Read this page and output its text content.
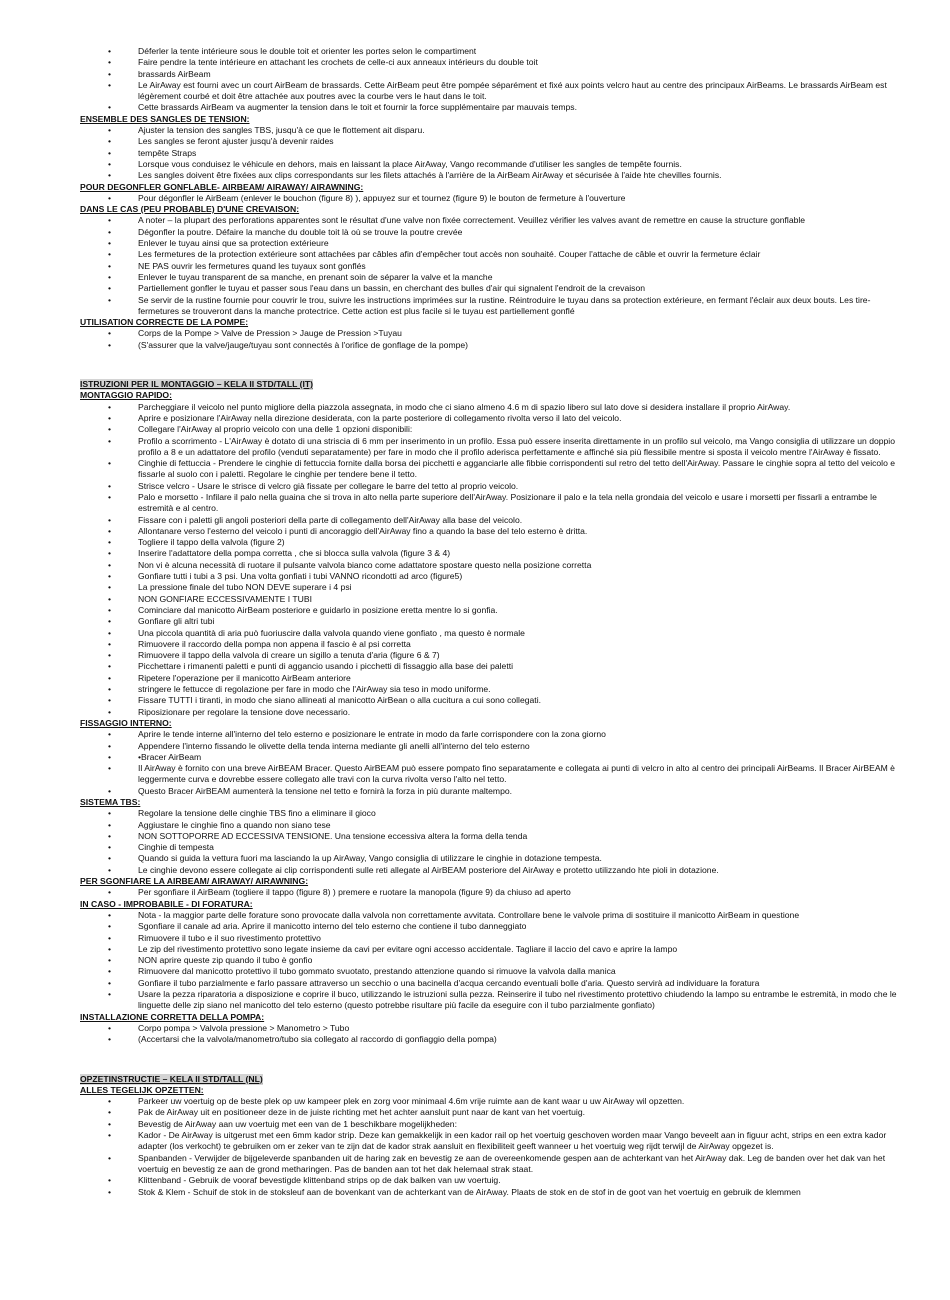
• Déferler la tente intérieure sous le double toit et orienter les portes selon le compartiment
• Faire pendre la tente intérieure en attachant les crochets de celle-ci aux anneaux intérieurs du double toit
• brassards AirBeam
• Le AirAway est fourni avec un court AirBeam de brassards. Cette AirBeam peut être pompée séparément et fixé aux points velcro haut au centre des principaux AirBeams. Le brassards AirBeam est légèrement courbé et doit être attachée aux poutres avec la courbe vers le haut dans le toit.
• Cette brassards AirBeam va augmenter la tension dans le toit et fournir la force supplémentaire par mauvais temps.
ENSEMBLE DES SANGLES DE TENSION:
• Ajuster la tension des sangles TBS, jusqu'à ce que le flottement ait disparu.
• Les sangles se feront ajuster jusqu'à devenir raides
• tempête Straps
• Lorsque vous conduisez le véhicule en dehors, mais en laissant la place AirAway, Vango recommande d'utiliser les sangles de tempête fournis.
• Les sangles doivent être fixées aux clips correspondants sur les filets attachés à l'arrière de la AirBeam AirAway et sécurisée à l'aide hte chevilles fournis.
POUR DEGONFLER GONFLABLE- AIRBEAM/ AIRAWAY/ AIRAWNING:
• Pour dégonfler le AirBeam (enlever le bouchon (figure 8) ), appuyez sur et tournez (figure 9) le bouton de fermeture à l'ouverture
DANS LE CAS (PEU PROBABLE) D'UNE CREVAISON:
• A noter – la plupart des perforations apparentes sont le résultat d'une valve non fixée correctement. Veuillez vérifier les valves avant de remettre en cause la structure gonflable
• Dégonfler la poutre. Défaire la manche du double toit là où se trouve la poutre crevée
• Enlever le tuyau ainsi que sa protection extérieure
• Les fermetures de la protection extérieure sont attachées par câbles afin d'empêcher tout accès non souhaité. Couper l'attache de câble et ouvrir la fermeture éclair
• NE PAS ouvrir les fermetures quand les tuyaux sont gonflés
• Enlever le tuyau transparent de sa manche, en prenant soin de séparer la valve et la manche
• Partiellement gonfler le tuyau et passer sous l'eau dans un bassin, en cherchant des bulles d'air qui signalent l'endroit de la crevaison
• Se servir de la rustine fournie pour couvrir le trou, suivre les instructions imprimées sur la rustine. Réintroduire le tuyau dans sa protection extérieure, en fermant l'éclair aux deux bouts. Les tire-fermetures se trouveront dans la manche protectrice. Cette action est plus facile si le tuyau est partiellement gonflé
UTILISATION CORRECTE DE LA POMPE:
• Corps de la Pompe > Valve de Pression > Jauge de Pression >Tuyau
• (S'assurer que la valve/jauge/tuyau sont connectés à l'orifice de gonflage de la pompe)
ISTRUZIONI PER IL MONTAGGIO – KELA II STD/TALL (IT)
MONTAGGIO RAPIDO:
• Parcheggiare il veicolo nel punto migliore della piazzola assegnata, in modo che ci siano almeno 4.6 m di spazio libero sul lato dove si desidera installare il proprio AirAway.
• Aprire e posizionare l'AirAway nella direzione desiderata, con la parte posteriore di collegamento rivolta verso il lato del veicolo.
• Collegare l'AirAway al proprio veicolo con una delle 1 opzioni disponibili:
• Profilo a scorrimento - L'AirAway è dotato di una striscia di 6 mm per inserimento in un profilo. Essa può essere inserita direttamente in un profilo sul veicolo, ma Vango consiglia di utilizzare un doppio profilo a 8 e un adattatore del profilo (venduti separatamente) per fare in modo che il profilo aderisca perfettamente e affinché sia più flessibile mentre si sposta il veicolo mentre l'AirAway è fissato.
• Cinghie di fettuccia - Prendere le cinghie di fettuccia fornite dalla borsa dei picchetti e agganciarle alle fibbie corrispondenti sul retro del tetto dell'AirAway. Passare le cinghie sopra al tetto del veicolo e fissarle al suolo con i paletti. Regolare le cinghie per tendere bene il tetto.
• Strisce velcro - Usare le strisce di velcro già fissate per collegare le barre del tetto al proprio veicolo.
• Palo e morsetto - Infilare il palo nella guaina che si trova in alto nella parte superiore dell'AirAway. Posizionare il palo e la tela nella grondaia del veicolo e usare i morsetti per fissarli a entrambe le estremità e al centro.
• Fissare con i paletti gli angoli posteriori della parte di collegamento dell'AirAway alla base del veicolo.
• Allontanare verso l'esterno del veicolo i punti di ancoraggio dell'AirAway fino a quando la base del telo esterno è dritta.
• Togliere il tappo della valvola (figure 2)
• Inserire l'adattatore della pompa corretta , che si blocca sulla valvola (figure 3 & 4)
• Non vi è alcuna necessità di ruotare il pulsante valvola bianco come adattatore spostare questo nella posizione corretta
• Gonfiare tutti i tubi a 3 psi. Una volta gonfiati i tubi VANNO ricondotti ad arco (figure5)
• La pressione finale del tubo NON DEVE superare i 4 psi
• NON GONFIARE ECCESSIVAMENTE I TUBI
• Cominciare dal manicotto AirBeam posteriore e guidarlo in posizione eretta mentre lo si gonfia.
• Gonfiare gli altri tubi
• Una piccola quantità di aria può fuoriuscire dalla valvola quando viene gonfiato , ma questo è normale
• Rimuovere il raccordo della pompa non appena il fascio è al psi corretta
• Rimuovere il tappo della valvola di creare un sigillo a tenuta d'aria (figure 6 & 7)
• Picchettare i rimanenti paletti e punti di aggancio usando i picchetti di fissaggio alla base dei paletti
• Ripetere l'operazione per il manicotto AirBeam anteriore
• stringere le fettucce di regolazione per fare in modo che l'AirAway sia teso in modo uniforme.
• Fissare TUTTI i tiranti, in modo che siano allineati al manicotto AirBean o alla cucitura a cui sono collegati.
• Riposizionare per regolare la tensione dove necessario.
FISSAGGIO INTERNO:
• Aprire le tende interne all'interno del telo esterno e posizionare le entrate in modo da farle corrispondere con la zona giorno
• Appendere l'interno fissando le olivette della tenda interna mediante gli anelli all'interno del telo esterno
• •Bracer AirBeam
• Il AirAway è fornito con una breve AirBEAM Bracer. Questo AirBEAM può essere pompato fino separatamente e collegata ai punti di velcro in alto al centro dei principali AirBeams. Il Bracer AirBEAM è leggermente curva e dovrebbe essere collegato alle travi con la curva rivolta verso l'alto nel tetto.
• Questo Bracer AirBEAM aumenterà la tensione nel tetto e fornirà la forza in più durante maltempo.
SISTEMA TBS:
• Regolare la tensione delle cinghie TBS fino a eliminare il gioco
• Aggiustare le cinghie fino a quando non siano tese
• NON SOTTOPORRE AD ECCESSIVA TENSIONE. Una tensione eccessiva altera la forma della tenda
• Cinghie di tempesta
• Quando si guida la vettura fuori ma lasciando la up AirAway, Vango consiglia di utilizzare le cinghie in dotazione tempesta.
• Le cinghie devono essere collegate ai clip corrispondenti sulle reti allegate al AirBEAM posteriore del AirAway e protetto utilizzando hte pioli in dotazione.
PER SGONFIARE LA AIRBEAM/ AIRAWAY/ AIRAWNING:
• Per sgonfiare il AirBeam (togliere il tappo (figure 8) ) premere e ruotare la manopola (figure 9) da chiuso ad aperto
IN CASO - IMPROBABILE - DI FORATURA:
• Nota - la maggior parte delle forature sono provocate dalla valvola non correttamente avvitata. Controllare bene le valvole prima di sostituire il manicotto AirBeam in questione
• Sgonfiare il canale ad aria. Aprire il manicotto interno del telo esterno che contiene il tubo danneggiato
• Rimuovere il tubo e il suo rivestimento protettivo
• Le zip del rivestimento protettivo sono legate insieme da cavi per evitare ogni accesso accidentale. Tagliare il laccio del cavo e aprire la lampo
• NON aprire queste zip quando il tubo è gonfio
• Rimuovere dal manicotto protettivo il tubo gommato svuotato, prestando attenzione quando si rimuove la valvola dalla manica
• Gonfiare il tubo parzialmente e farlo passare attraverso un secchio o una bacinella d'acqua cercando eventuali bolle d'aria. Questo servirà ad individuare la foratura
• Usare la pezza riparatoria a disposizione e coprire il buco, utilizzando le istruzioni sulla pezza. Reinserire il tubo nel rivestimento protettivo chiudendo la lampo su entrambe le estremità, in modo che le linguette delle zip siano nel manicotto del telo esterno (questo potrebbe risultare più facile da eseguire con il tubo parzialmente gonfiato)
INSTALLAZIONE CORRETTA DELLA POMPA:
• Corpo pompa > Valvola pressione > Manometro > Tubo
• (Accertarsi che la valvola/manometro/tubo sia collegato al raccordo di gonfiaggio della pompa)
OPZETINSTRUCTIE – KELA II STD/TALL (NL)
ALLES TEGELIJK OPZETTEN:
• Parkeer uw voertuig op de beste plek op uw kampeer plek en zorg voor minimaal 4.6m vrije ruimte aan de kant waar u uw AirAway wil opzetten.
• Pak de AirAway uit en positioneer deze in de juiste richting met het achter aansluit punt naar de kant van het voertuig.
• Bevestig de AirAway aan uw voertuig met een van de 1 beschikbare mogelijkheden:
• Kador - De AirAway is uitgerust met een 6mm kador strip. Deze kan gemakkelijk in een kador rail op het voertuig geschoven worden maar Vango beveelt aan in figuur acht, strips en een extra kador adapter (los verkocht) te gebruiken om er zeker van te zijn dat de kador strak aansluit en flexibiliteit geeft wanneer u het voertuig weg rijdt terwijl de AirAway opgezet is.
• Spanbanden - Verwijder de bijgeleverde spanbanden uit de haring zak en bevestig ze aan de overeenkomende gespen aan de achterkant van het AirAway dak. Leg de banden over het dak van het voertuig en bevestig ze aan de grond metharingen. Pas de banden aan tot het dak helemaal strak staat.
• Klittenband - Gebruik de vooraf bevestigde klittenband strips op de dak balken van uw voertuig.
• Stok & Klem - Schuif de stok in de stoksleuf aan de bovenkant van de achterkant van de AirAway. Plaats de stok en de stof in de goot van het voertuig en gebruik de klemmen
